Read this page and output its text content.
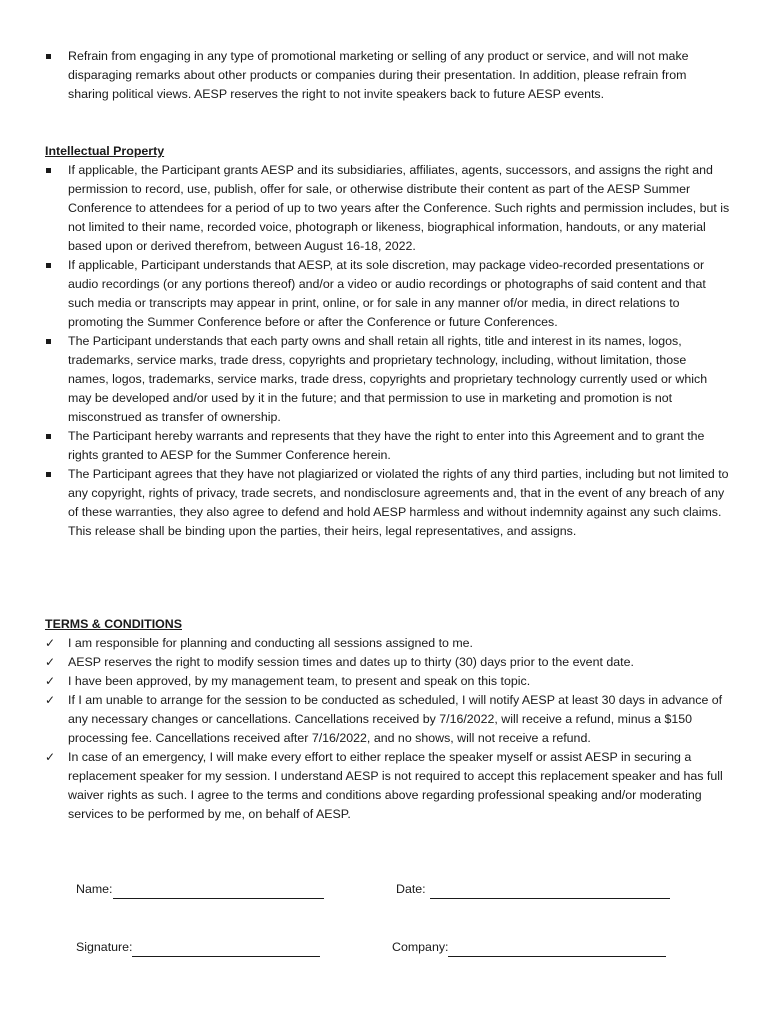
Refrain from engaging in any type of promotional marketing or selling of any product or service, and will not make disparaging remarks about other products or companies during their presentation. In addition, please refrain from sharing political views. AESP reserves the right to not invite speakers back to future AESP events.
Intellectual Property
If applicable, the Participant grants AESP and its subsidiaries, affiliates, agents, successors, and assigns the right and permission to record, use, publish, offer for sale, or otherwise distribute their content as part of the AESP Summer Conference to attendees for a period of up to two years after the Conference. Such rights and permission includes, but is not limited to their name, recorded voice, photograph or likeness, biographical information, handouts, or any material based upon or derived therefrom, between August 16-18, 2022.
If applicable, Participant understands that AESP, at its sole discretion, may package video-recorded presentations or audio recordings (or any portions thereof) and/or a video or audio recordings or photographs of said content and that such media or transcripts may appear in print, online, or for sale in any manner of/or media, in direct relations to promoting the Summer Conference before or after the Conference or future Conferences.
The Participant understands that each party owns and shall retain all rights, title and interest in its names, logos, trademarks, service marks, trade dress, copyrights and proprietary technology, including, without limitation, those names, logos, trademarks, service marks, trade dress, copyrights and proprietary technology currently used or which may be developed and/or used by it in the future; and that permission to use in marketing and promotion is not misconstrued as transfer of ownership.
The Participant hereby warrants and represents that they have the right to enter into this Agreement and to grant the rights granted to AESP for the Summer Conference herein.
The Participant agrees that they have not plagiarized or violated the rights of any third parties, including but not limited to any copyright, rights of privacy, trade secrets, and nondisclosure agreements and, that in the event of any breach of any of these warranties, they also agree to defend and hold AESP harmless and without indemnity against any such claims. This release shall be binding upon the parties, their heirs, legal representatives, and assigns.
TERMS & CONDITIONS
✓ I am responsible for planning and conducting all sessions assigned to me.
✓ AESP reserves the right to modify session times and dates up to thirty (30) days prior to the event date.
✓ I have been approved, by my management team, to present and speak on this topic.
✓ If I am unable to arrange for the session to be conducted as scheduled, I will notify AESP at least 30 days in advance of any necessary changes or cancellations. Cancellations received by 7/16/2022, will receive a refund, minus a $150 processing fee. Cancellations received after 7/16/2022, and no shows, will not receive a refund.
✓ In case of an emergency, I will make every effort to either replace the speaker myself or assist AESP in securing a replacement speaker for my session. I understand AESP is not required to accept this replacement speaker and has full waiver rights as such. I agree to the terms and conditions above regarding professional speaking and/or moderating services to be performed by me, on behalf of AESP.
Name:	Date:
Signature:	Company:
